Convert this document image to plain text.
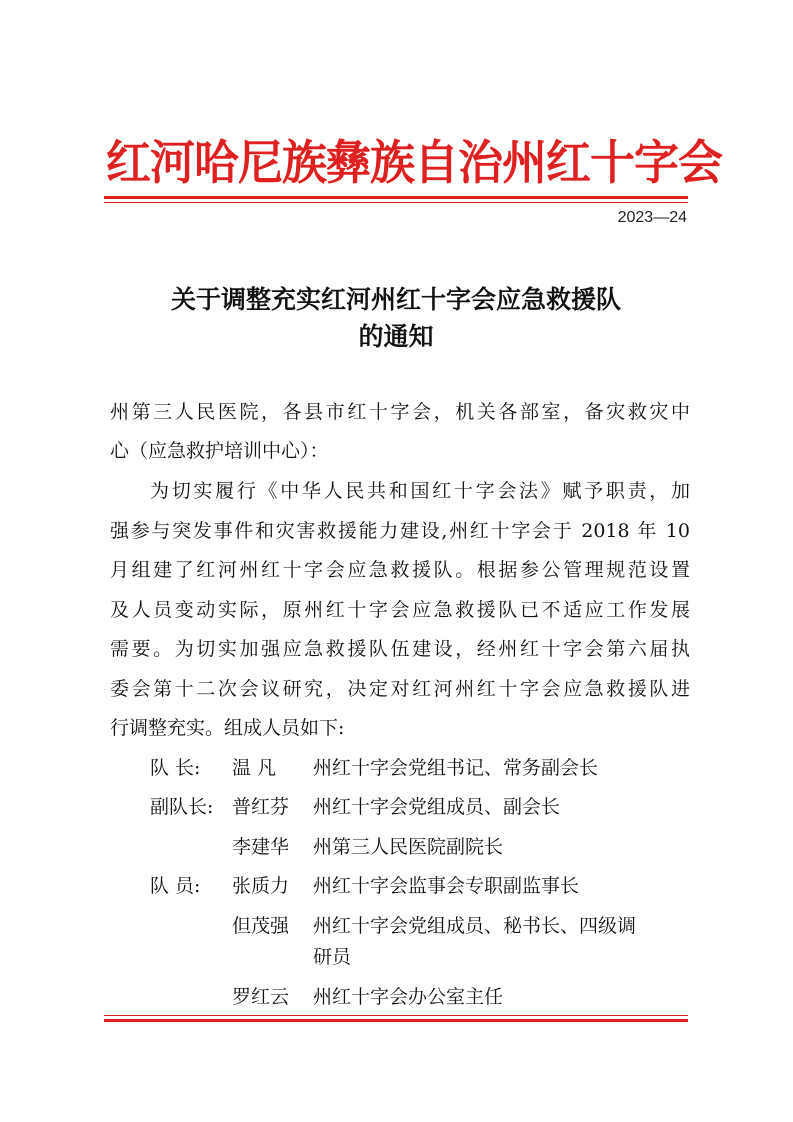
红河哈尼族彝族自治州红十字会
2023—24
关于调整充实红河州红十字会应急救援队
的通知
州第三人民医院，各县市红十字会，机关各部室，备灾救灾中
心（应急救护培训中心）：
为切实履行《中华人民共和国红十字会法》赋予职责，加
强参与突发事件和灾害救援能力建设,州红十字会于 2018 年 10
月组建了红河州红十字会应急救援队。根据参公管理规范设置
及人员变动实际，原州红十字会应急救援队已不适应工作发展
需要。为切实加强应急救援队伍建设，经州红十字会第六届执
委会第十二次会议研究，决定对红河州红十字会应急救援队进
行调整充实。组成人员如下:
队 长: 温 凡 州红十字会党组书记、常务副会长
副队长: 普红芬 州红十字会党组成员、副会长
李建华 州第三人民医院副院长
队 员: 张质力 州红十字会监事会专职副监事长
但茂强 州红十字会党组成员、秘书长、四级调
研员
罗红云 州红十字会办公室主任
